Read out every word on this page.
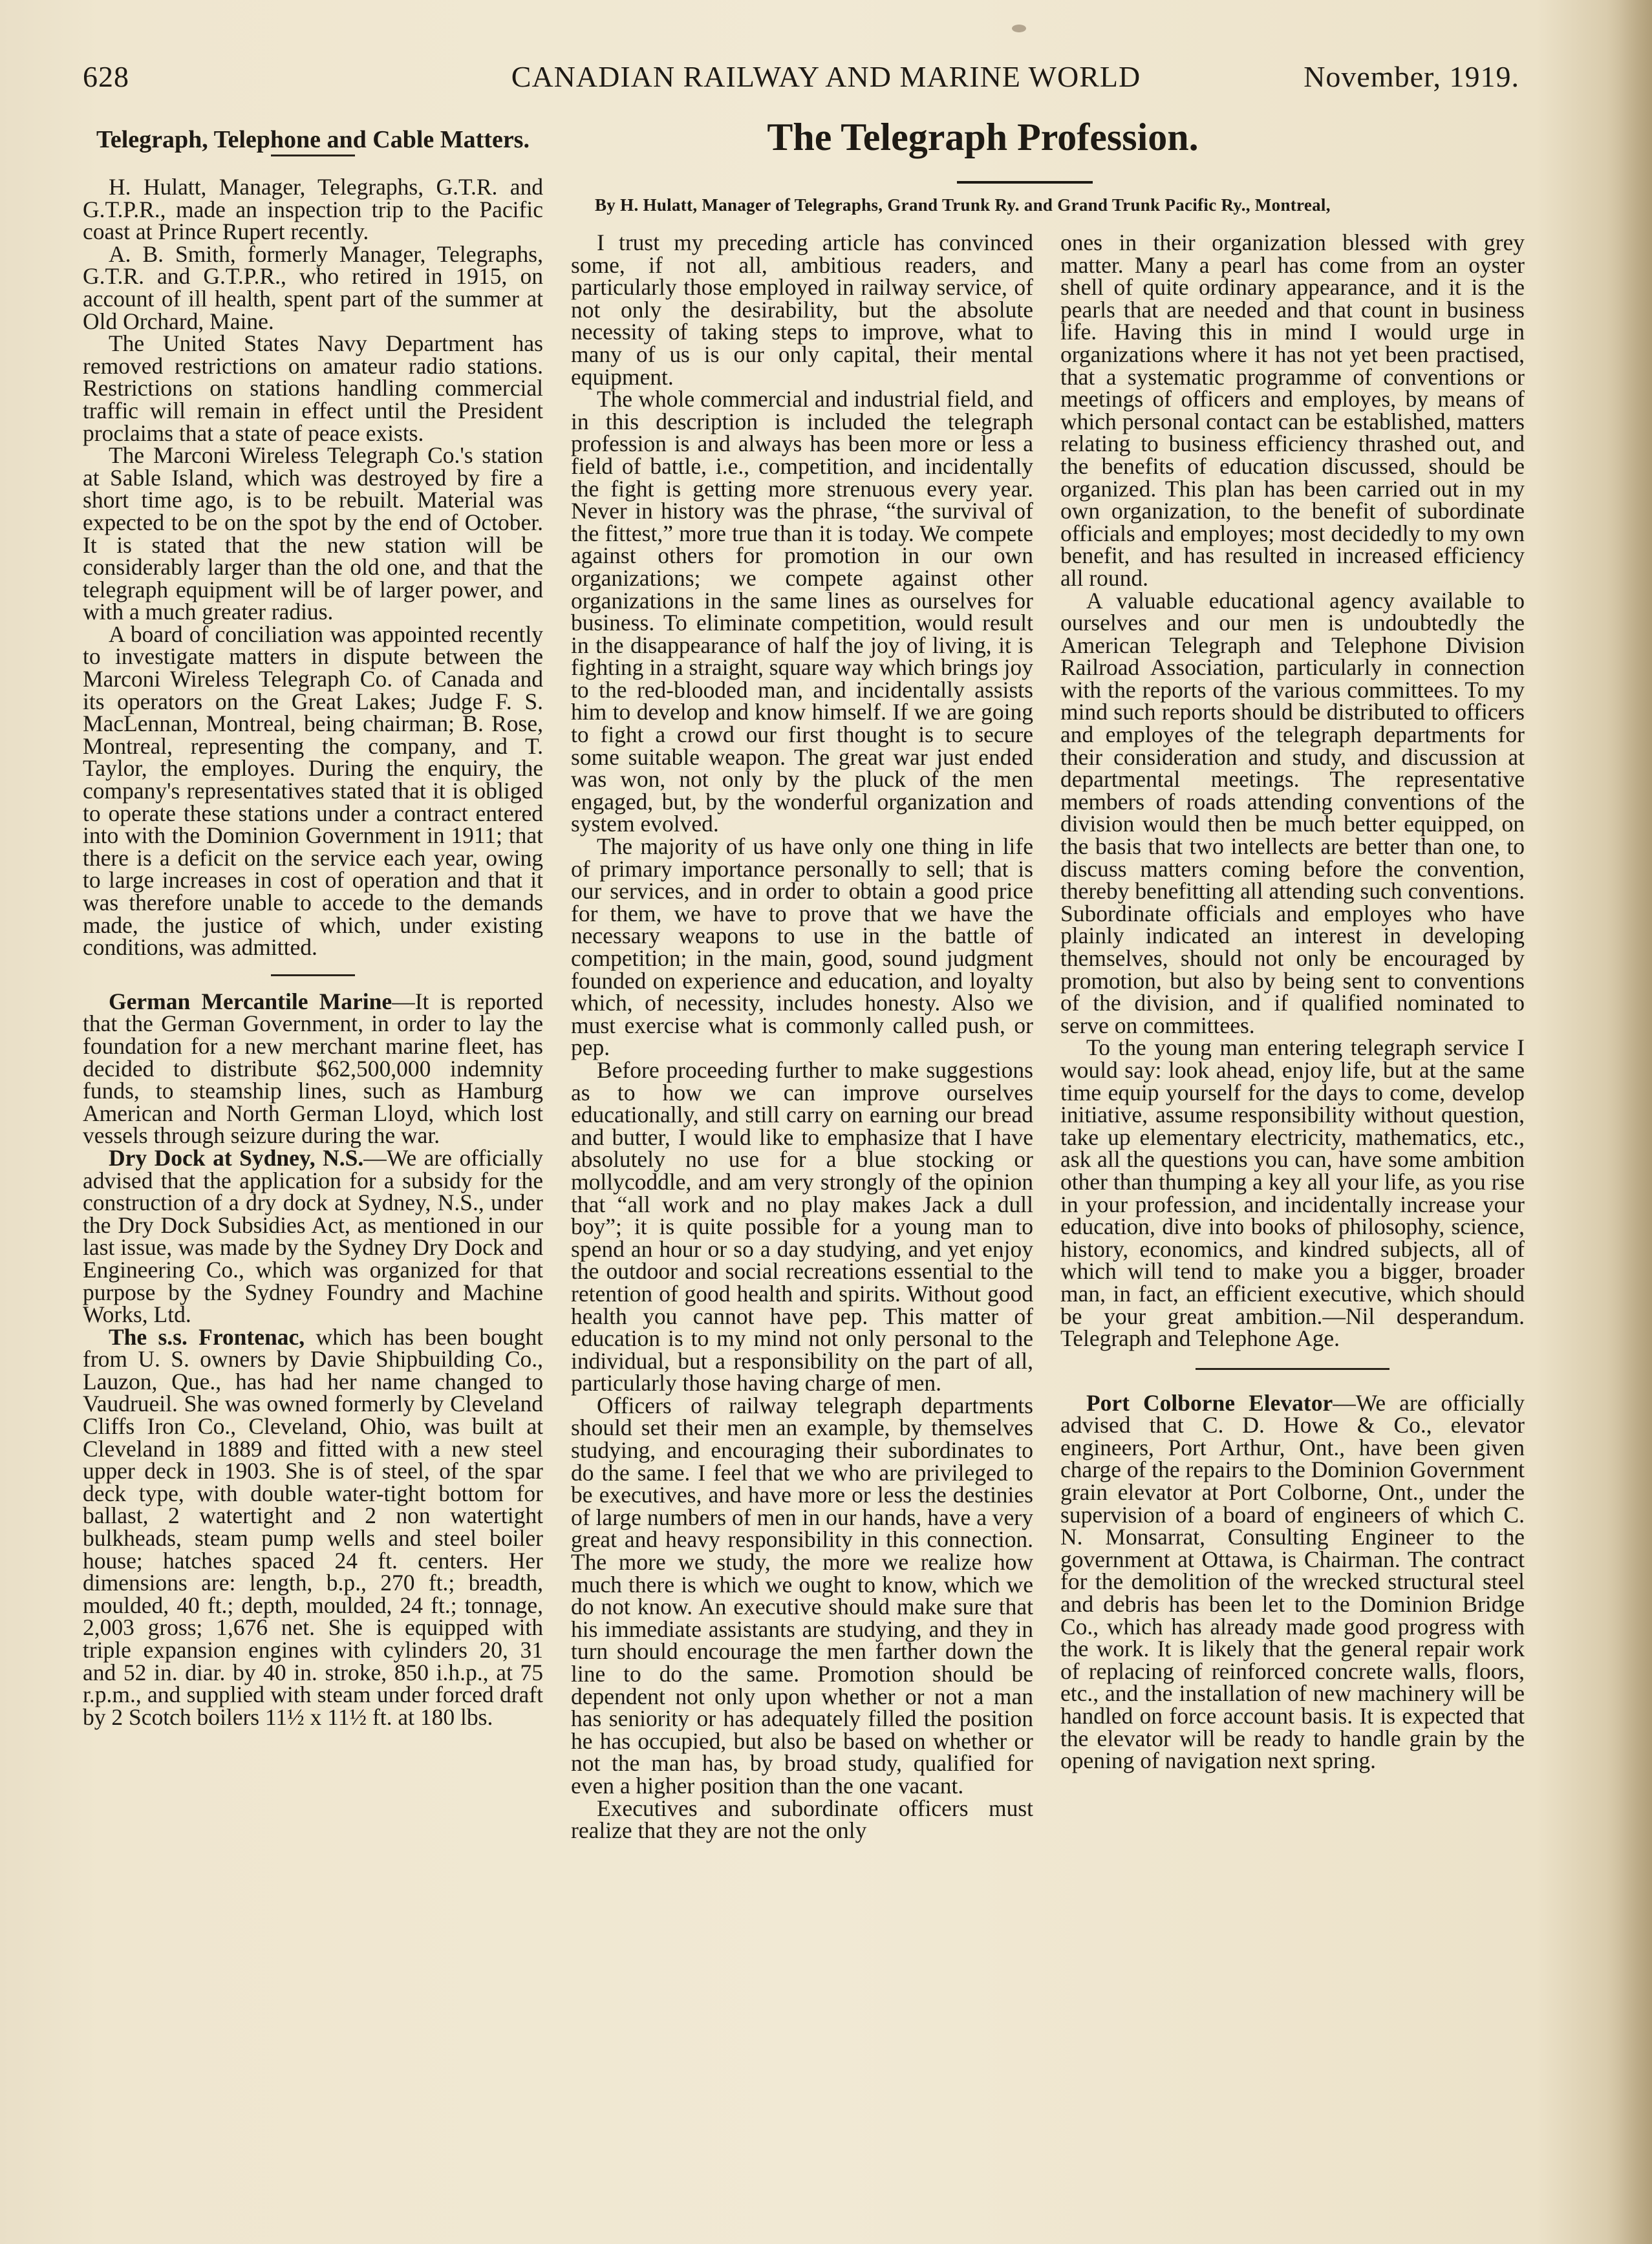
CANADIAN RAILWAY AND MARINE WORLD
628	November, 1919.

Telegraph, Telephone and Cable Matters.

H. Hulatt, Manager, Telegraphs, G.T.R. and G.T.P.R., made an inspection trip to the Pacific coast at Prince Rupert recently.

A. B. Smith, formerly Manager, Telegraphs, G.T.R. and G.T.P.R., who retired in 1915, on account of ill health, spent part of the summer at Old Orchard, Maine.

The United States Navy Department has removed restrictions on amateur radio stations. Restrictions on stations handling commercial traffic will remain in effect until the President proclaims that a state of peace exists.

The Marconi Wireless Telegraph Co.'s station at Sable Island, which was destroyed by fire a short time ago, is to be rebuilt. Material was expected to be on the spot by the end of October. It is stated that the new station will be considerably larger than the old one, and that the telegraph equipment will be of larger power, and with a much greater radius.

A board of conciliation was appointed recently to investigate matters in dispute between the Marconi Wireless Telegraph Co. of Canada and its operators on the Great Lakes; Judge F. S. MacLennan, Montreal, being chairman; B. Rose, Montreal, representing the company, and T. Taylor, the employes. During the enquiry, the company's representatives stated that it is obliged to operate these stations under a contract entered into with the Dominion Government in 1911; that there is a deficit on the service each year, owing to large increases in cost of operation and that it was therefore unable to accede to the demands made, the justice of which, under existing conditions, was admitted.

German Mercantile Marine—It is reported that the German Government, in order to lay the foundation for a new merchant marine fleet, has decided to distribute $62,500,000 indemnity funds, to steamship lines, such as Hamburg American and North German Lloyd, which lost vessels through seizure during the war.

Dry Dock at Sydney, N.S.—We are officially advised that the application for a subsidy for the construction of a dry dock at Sydney, N.S., under the Dry Dock Subsidies Act, as mentioned in our last issue, was made by the Sydney Dry Dock and Engineering Co., which was organized for that purpose by the Sydney Foundry and Machine Works, Ltd.

The s.s. Frontenac, which has been bought from U. S. owners by Davie Shipbuilding Co., Lauzon, Que., has had her name changed to Vaudrueil. She was owned formerly by Cleveland Cliffs Iron Co., Cleveland, Ohio, was built at Cleveland in 1889 and fitted with a new steel upper deck in 1903. She is of steel, of the spar deck type, with double water-tight bottom for ballast, 2 watertight and 2 non watertight bulkheads, steam pump wells and steel boiler house; hatches spaced 24 ft. centers. Her dimensions are: length, b.p., 270 ft.; breadth, moulded, 40 ft.; depth, moulded, 24 ft.; tonnage, 2,003 gross; 1,676 net. She is equipped with triple expansion engines with cylinders 20, 31 and 52 in. diar. by 40 in. stroke, 850 i.h.p., at 75 r.p.m., and supplied with steam under forced draft by 2 Scotch boilers 11½ x 11½ ft. at 180 lbs.

The Telegraph Profession.
By H. Hulatt, Manager of Telegraphs, Grand Trunk Ry. and Grand Trunk Pacific Ry., Montreal,

I trust my preceding article has convinced some, if not all, ambitious readers, and particularly those employed in railway service, of not only the desirability, but the absolute necessity of taking steps to improve, what to many of us is our only capital, their mental equipment.

The whole commercial and industrial field, and in this description is included the telegraph profession is and always has been more or less a field of battle, i.e., competition, and incidentally the fight is getting more strenuous every year. Never in history was the phrase, “the survival of the fittest,” more true than it is today. We compete against others for promotion in our own organizations; we compete against other organizations in the same lines as ourselves for business. To eliminate competition, would result in the disappearance of half the joy of living, it is fighting in a straight, square way which brings joy to the red-blooded man, and incidentally assists him to develop and know himself. If we are going to fight a crowd our first thought is to secure some suitable weapon. The great war just ended was won, not only by the pluck of the men engaged, but, by the wonderful organization and system evolved.

The majority of us have only one thing in life of primary importance personally to sell; that is our services, and in order to obtain a good price for them, we have to prove that we have the necessary weapons to use in the battle of competition; in the main, good, sound judgment founded on experience and education, and loyalty which, of necessity, includes honesty. Also we must exercise what is commonly called push, or pep.

Before proceeding further to make suggestions as to how we can improve ourselves educationally, and still carry on earning our bread and butter, I would like to emphasize that I have absolutely no use for a blue stocking or mollycoddle, and am very strongly of the opinion that “all work and no play makes Jack a dull boy”; it is quite possible for a young man to spend an hour or so a day studying, and yet enjoy the outdoor and social recreations essential to the retention of good health and spirits. Without good health you cannot have pep. This matter of education is to my mind not only personal to the individual, but a responsibility on the part of all, particularly those having charge of men.

Officers of railway telegraph departments should set their men an example, by themselves studying, and encouraging their subordinates to do the same. I feel that we who are privileged to be executives, and have more or less the destinies of large numbers of men in our hands, have a very great and heavy responsibility in this connection. The more we study, the more we realize how much there is which we ought to know, which we do not know. An executive should make sure that his immediate assistants are studying, and they in turn should encourage the men farther down the line to do the same. Promotion should be dependent not only upon whether or not a man has seniority or has adequately filled the position he has occupied, but also be based on whether or not the man has, by broad study, qualified for even a higher position than the one vacant.

Executives and subordinate officers must realize that they are not the only

ones in their organization blessed with grey matter. Many a pearl has come from an oyster shell of quite ordinary appearance, and it is the pearls that are needed and that count in business life. Having this in mind I would urge in organizations where it has not yet been practised, that a systematic programme of conventions or meetings of officers and employes, by means of which personal contact can be established, matters relating to business efficiency thrashed out, and the benefits of education discussed, should be organized. This plan has been carried out in my own organization, to the benefit of subordinate officials and employes; most decidedly to my own benefit, and has resulted in increased efficiency all round.

A valuable educational agency available to ourselves and our men is undoubtedly the American Telegraph and Telephone Division Railroad Association, particularly in connection with the reports of the various committees. To my mind such reports should be distributed to officers and employes of the telegraph departments for their consideration and study, and discussion at departmental meetings. The representative members of roads attending conventions of the division would then be much better equipped, on the basis that two intellects are better than one, to discuss matters coming before the convention, thereby benefitting all attending such conventions. Subordinate officials and employes who have plainly indicated an interest in developing themselves, should not only be encouraged by promotion, but also by being sent to conventions of the division, and if qualified nominated to serve on committees.

To the young man entering telegraph service I would say: look ahead, enjoy life, but at the same time equip yourself for the days to come, develop initiative, assume responsibility without question, take up elementary electricity, mathematics, etc., ask all the questions you can, have some ambition other than thumping a key all your life, as you rise in your profession, and incidentally increase your education, dive into books of philosophy, science, history, economics, and kindred subjects, all of which will tend to make you a bigger, broader man, in fact, an efficient executive, which should be your great ambition.—Nil desperandum. Telegraph and Telephone Age.

Port Colborne Elevator—We are officially advised that C. D. Howe & Co., elevator engineers, Port Arthur, Ont., have been given charge of the repairs to the Dominion Government grain elevator at Port Colborne, Ont., under the supervision of a board of engineers of which C. N. Monsarrat, Consulting Engineer to the government at Ottawa, is Chairman. The contract for the demolition of the wrecked structural steel and debris has been let to the Dominion Bridge Co., which has already made good progress with the work. It is likely that the general repair work of replacing of reinforced concrete walls, floors, etc., and the installation of new machinery will be handled on force account basis. It is expected that the elevator will be ready to handle grain by the opening of navigation next spring.
